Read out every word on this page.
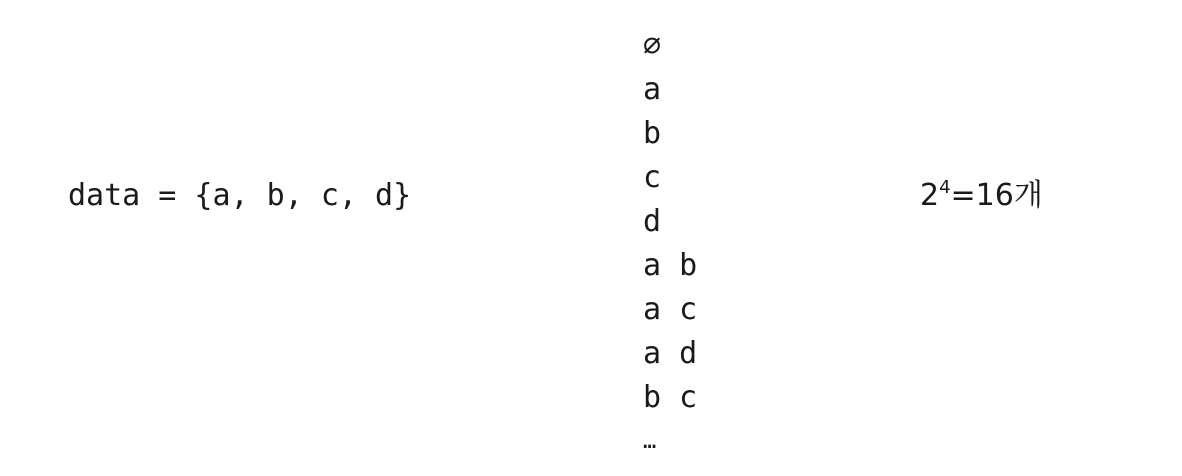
data = {a, b, c, d}
∅
a
b
c
d
a b
a c
a d
b c
…
$2^4=16$개
